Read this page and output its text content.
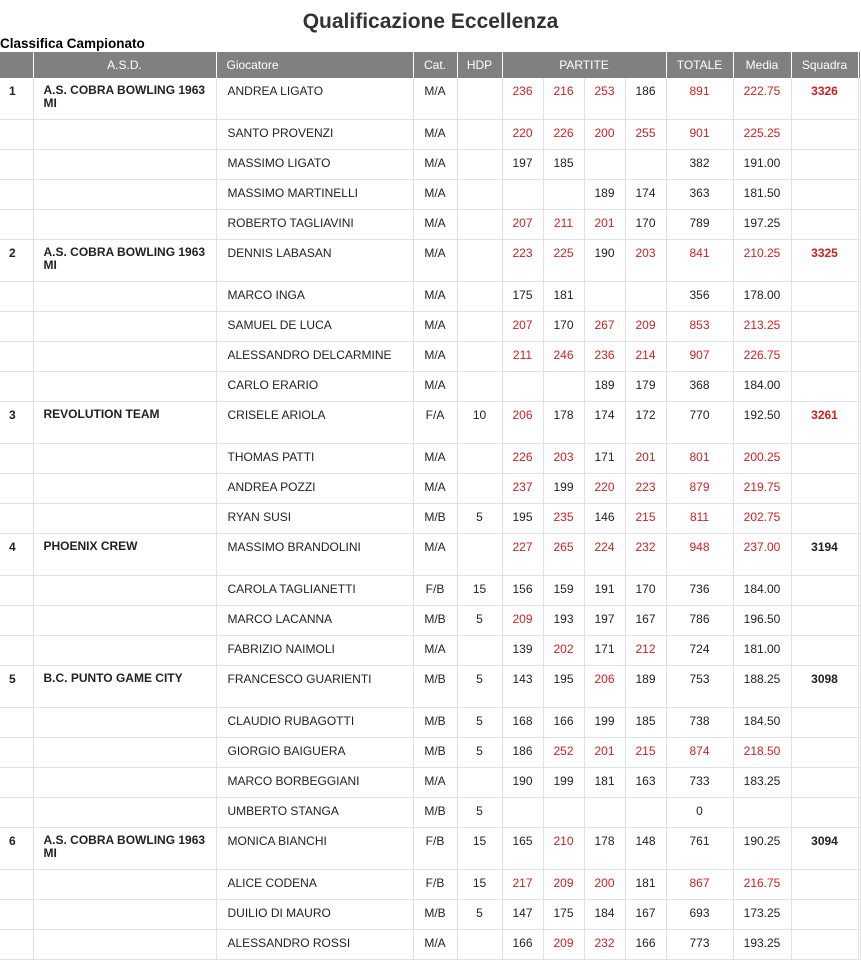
Qualificazione Eccellenza
Classifica Campionato
	A.S.D.	Giocatore	Cat.	HDP	PARTITE				TOTALE	Media	Squadra	
1	A.S. COBRA BOWLING 1963 MI	ANDREA LIGATO	M/A		236	216	253	186	891	222.75	3326	
		SANTO PROVENZI	M/A		220	226	200	255	901	225.25		
		MASSIMO LIGATO	M/A		197	185			382	191.00		
		MASSIMO MARTINELLI	M/A				189	174	363	181.50		
		ROBERTO TAGLIAVINI	M/A		207	211	201	170	789	197.25		
2	A.S. COBRA BOWLING 1963 MI	DENNIS LABASAN	M/A		223	225	190	203	841	210.25	3325	
		MARCO INGA	M/A		175	181			356	178.00		
		SAMUEL DE LUCA	M/A		207	170	267	209	853	213.25		
		ALESSANDRO DELCARMINE	M/A		211	246	236	214	907	226.75		
		CARLO ERARIO	M/A				189	179	368	184.00		
3	REVOLUTION TEAM	CRISELE ARIOLA	F/A	10	206	178	174	172	770	192.50	3261	
		THOMAS PATTI	M/A		226	203	171	201	801	200.25		
		ANDREA POZZI	M/A		237	199	220	223	879	219.75		
		RYAN SUSI	M/B	5	195	235	146	215	811	202.75		
4	PHOENIX CREW	MASSIMO BRANDOLINI	M/A		227	265	224	232	948	237.00	3194	
		CAROLA TAGLIANETTI	F/B	15	156	159	191	170	736	184.00		
		MARCO LACANNA	M/B	5	209	193	197	167	786	196.50		
		FABRIZIO NAIMOLI	M/A		139	202	171	212	724	181.00		
5	B.C. PUNTO GAME CITY	FRANCESCO GUARIENTI	M/B	5	143	195	206	189	753	188.25	3098	
		CLAUDIO RUBAGOTTI	M/B	5	168	166	199	185	738	184.50		
		GIORGIO BAIGUERA	M/B	5	186	252	201	215	874	218.50		
		MARCO BORBEGGIANI	M/A		190	199	181	163	733	183.25		
		UMBERTO STANGA	M/B	5					0			
6	A.S. COBRA BOWLING 1963 MI	MONICA BIANCHI	F/B	15	165	210	178	148	761	190.25	3094	
		ALICE CODENA	F/B	15	217	209	200	181	867	216.75		
		DUILIO DI MAURO	M/B	5	147	175	184	167	693	173.25		
		ALESSANDRO ROSSI	M/A		166	209	232	166	773	193.25		
